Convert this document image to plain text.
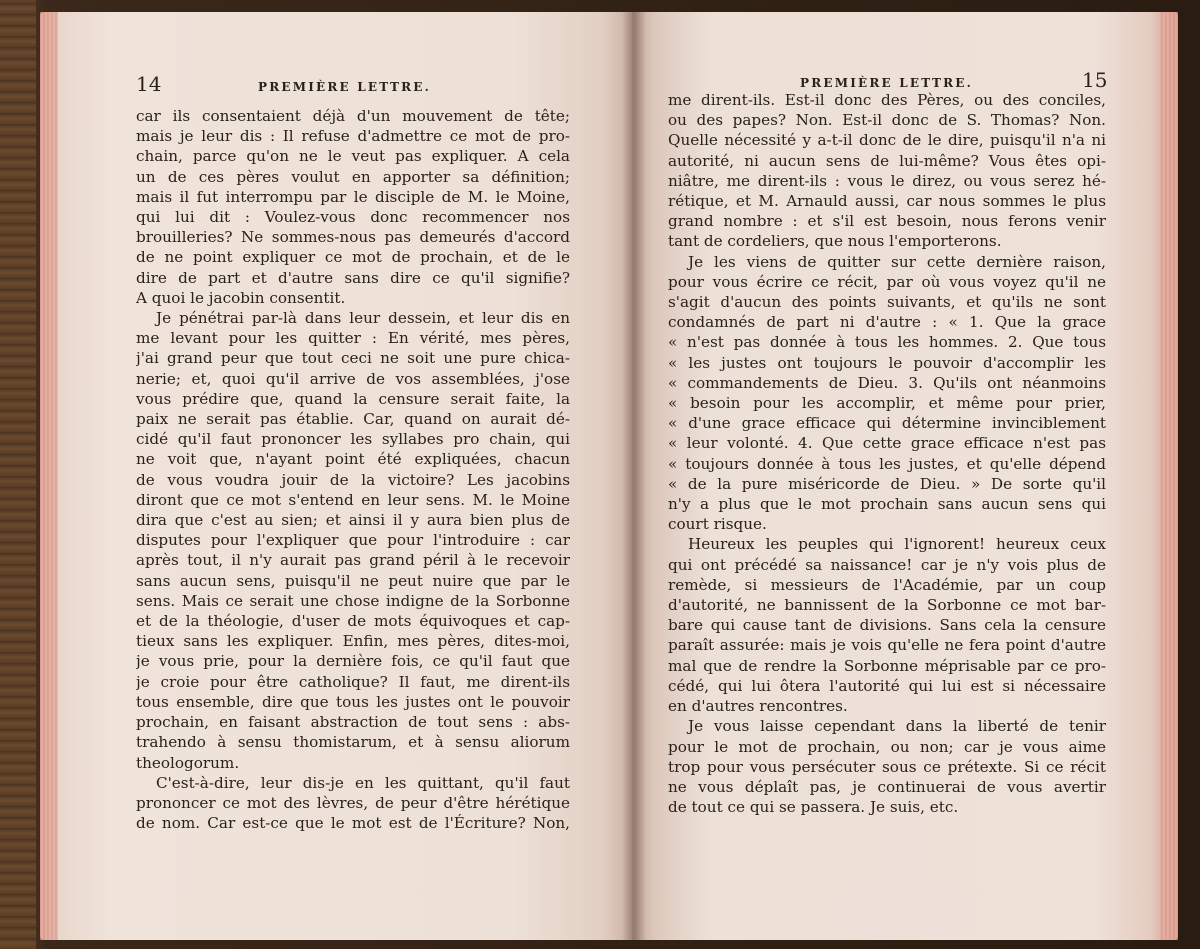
14	PREMIÈRE LETTRE.
car ils consentaient déjà d'un mouvement de tête;
mais je leur dis : Il refuse d'admettre ce mot de pro-
chain, parce qu'on ne le veut pas expliquer. A cela
un de ces pères voulut en apporter sa définition;
mais il fut interrompu par le disciple de M. le Moine,
qui lui dit : Voulez-vous donc recommencer nos
brouilleries? Ne sommes-nous pas demeurés d'accord
de ne point expliquer ce mot de prochain, et de le
dire de part et d'autre sans dire ce qu'il signifie?
A quoi le jacobin consentit.
Je pénétrai par-là dans leur dessein, et leur dis en
me levant pour les quitter : En vérité, mes pères,
j'ai grand peur que tout ceci ne soit une pure chica-
nerie; et, quoi qu'il arrive de vos assemblées, j'ose
vous prédire que, quand la censure serait faite, la
paix ne serait pas établie. Car, quand on aurait dé-
cidé qu'il faut prononcer les syllabes pro chain, qui
ne voit que, n'ayant point été expliquées, chacun
de vous voudra jouir de la victoire? Les jacobins
diront que ce mot s'entend en leur sens. M. le Moine
dira que c'est au sien; et ainsi il y aura bien plus de
disputes pour l'expliquer que pour l'introduire : car
après tout, il n'y aurait pas grand péril à le recevoir
sans aucun sens, puisqu'il ne peut nuire que par le
sens. Mais ce serait une chose indigne de la Sorbonne
et de la théologie, d'user de mots équivoques et cap-
tieux sans les expliquer. Enfin, mes pères, dites-moi,
je vous prie, pour la dernière fois, ce qu'il faut que
je croie pour être catholique? Il faut, me dirent-ils
tous ensemble, dire que tous les justes ont le pouvoir
prochain, en faisant abstraction de tout sens : abs-
trahendo à sensu thomistarum, et à sensu aliorum
theologorum.
C'est-à-dire, leur dis-je en les quittant, qu'il faut
prononcer ce mot des lèvres, de peur d'être hérétique
de nom. Car est-ce que le mot est de l'Écriture? Non,
PREMIÈRE LETTRE.	15
me dirent-ils. Est-il donc des Pères, ou des conciles,
ou des papes? Non. Est-il donc de S. Thomas? Non.
Quelle nécessité y a-t-il donc de le dire, puisqu'il n'a ni
autorité, ni aucun sens de lui-même? Vous êtes opi-
niâtre, me dirent-ils : vous le direz, ou vous serez hé-
rétique, et M. Arnauld aussi, car nous sommes le plus
grand nombre : et s'il est besoin, nous ferons venir
tant de cordeliers, que nous l'emporterons.
Je les viens de quitter sur cette dernière raison,
pour vous écrire ce récit, par où vous voyez qu'il ne
s'agit d'aucun des points suivants, et qu'ils ne sont
condamnés de part ni d'autre : « 1. Que la grace
« n'est pas donnée à tous les hommes. 2. Que tous
« les justes ont toujours le pouvoir d'accomplir les
« commandements de Dieu. 3. Qu'ils ont néanmoins
« besoin pour les accomplir, et même pour prier,
« d'une grace efficace qui détermine invinciblement
« leur volonté. 4. Que cette grace efficace n'est pas
« toujours donnée à tous les justes, et qu'elle dépend
« de la pure miséricorde de Dieu. » De sorte qu'il
n'y a plus que le mot prochain sans aucun sens qui
court risque.
Heureux les peuples qui l'ignorent! heureux ceux
qui ont précédé sa naissance! car je n'y vois plus de
remède, si messieurs de l'Académie, par un coup
d'autorité, ne bannissent de la Sorbonne ce mot bar-
bare qui cause tant de divisions. Sans cela la censure
paraît assurée: mais je vois qu'elle ne fera point d'autre
mal que de rendre la Sorbonne méprisable par ce pro-
cédé, qui lui ôtera l'autorité qui lui est si nécessaire
en d'autres rencontres.
Je vous laisse cependant dans la liberté de tenir
pour le mot de prochain, ou non; car je vous aime
trop pour vous persécuter sous ce prétexte. Si ce récit
ne vous déplaît pas, je continuerai de vous avertir
de tout ce qui se passera. Je suis, etc.
